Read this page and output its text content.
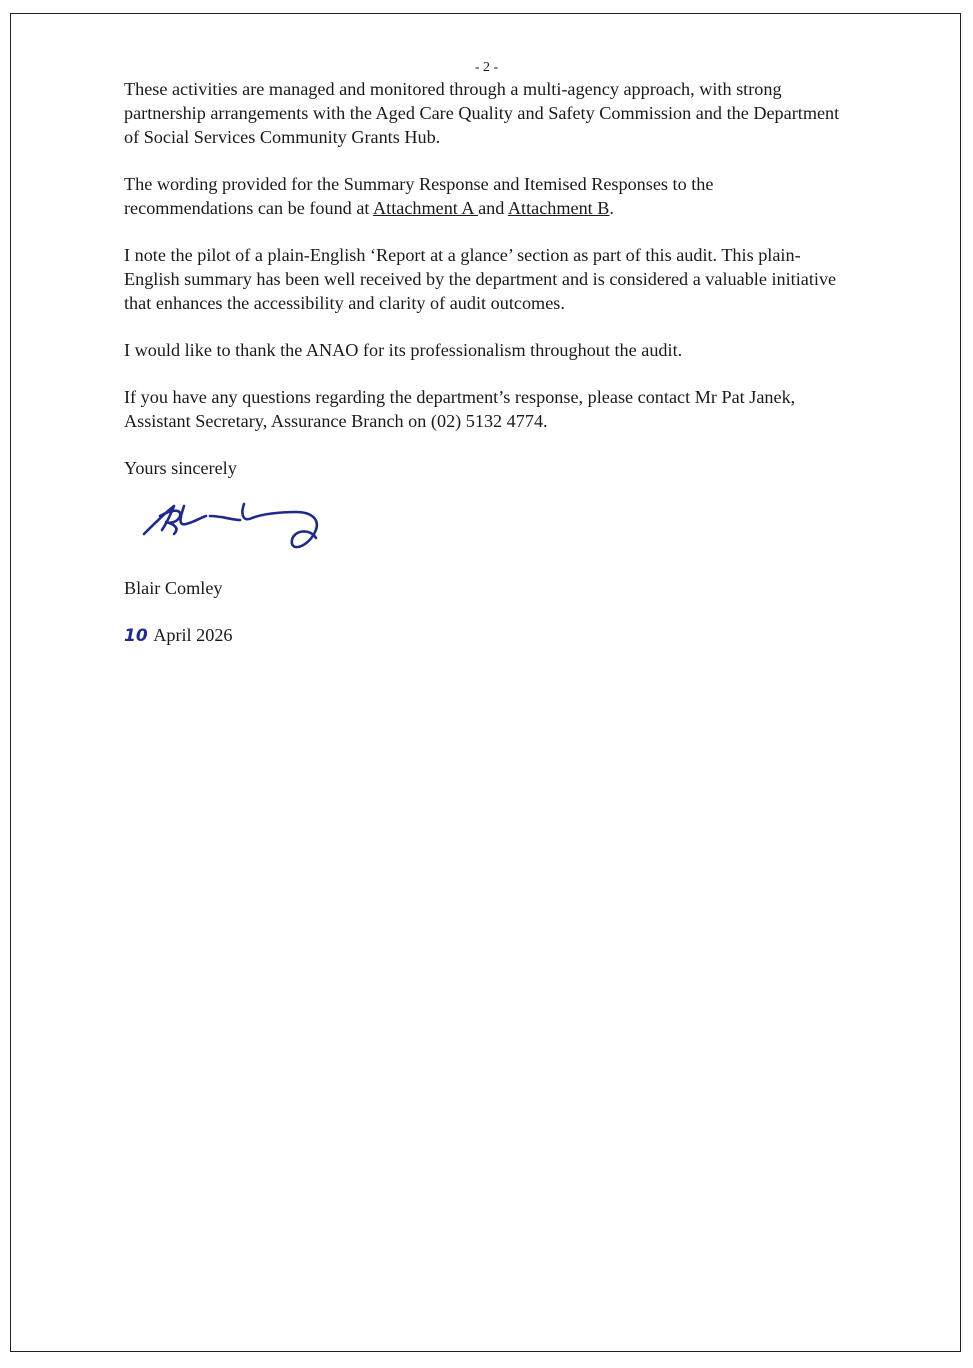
- 2 -

These activities are managed and monitored through a multi-agency approach, with strong partnership arrangements with the Aged Care Quality and Safety Commission and the Department of Social Services Community Grants Hub.

The wording provided for the Summary Response and Itemised Responses to the recommendations can be found at Attachment A and Attachment B.

I note the pilot of a plain-English ‘Report at a glance’ section as part of this audit. This plain-English summary has been well received by the department and is considered a valuable initiative that enhances the accessibility and clarity of audit outcomes.

I would like to thank the ANAO for its professionalism throughout the audit.

If you have any questions regarding the department’s response, please contact Mr Pat Janek, Assistant Secretary, Assurance Branch on (02) 5132 4774.

Yours sincerely

Blair Comley

10 April 2026
